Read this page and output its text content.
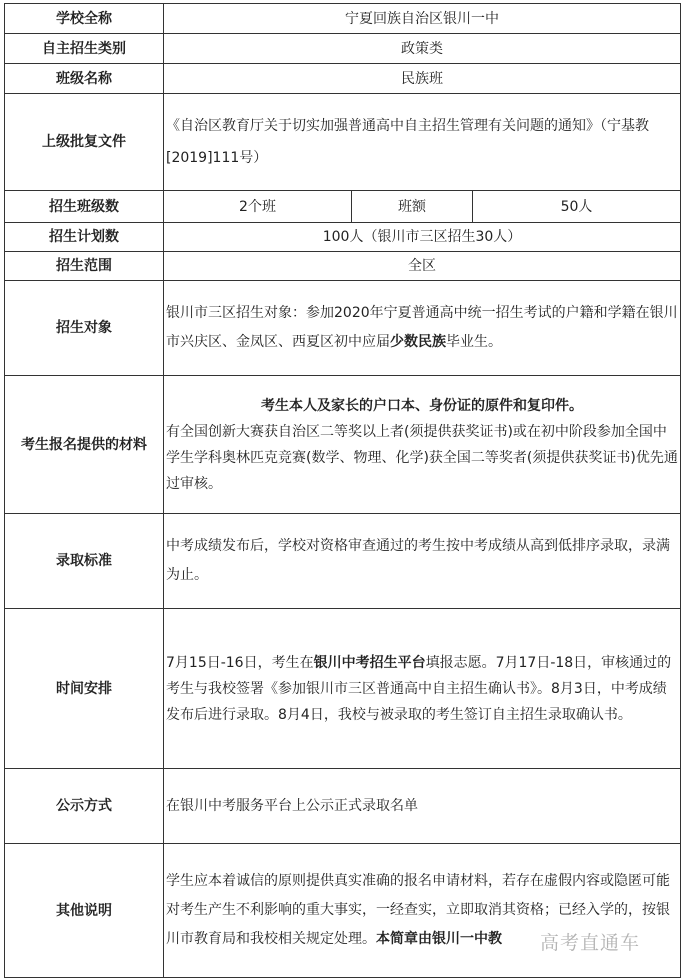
学校全称	宁夏回族自治区银川一中		
自主招生类别	政策类		
班级名称	民族班		
上级批复文件	《自治区教育厅关于切实加强普通高中自主招生管理有关问题的通知》（宁基教[2019]111号）		
招生班级数	2个班	班额	50人
招生计划数	100人（银川市三区招生30人）		
招生范围	全区		
招生对象	银川市三区招生对象：参加2020年宁夏普通高中统一招生考试的户籍和学籍在银川市兴庆区、金凤区、西夏区初中应届少数民族毕业生。		
考生报名提供的材料	考生本人及家长的户口本、身份证的原件和复印件。
有全国创新大赛获自治区二等奖以上者(须提供获奖证书)或在初中阶段参加全国中学生学科奥林匹克竞赛(数学、物理、化学)获全国二等奖者(须提供获奖证书)优先通过审核。		
录取标准	中考成绩发布后，学校对资格审查通过的考生按中考成绩从高到低排序录取，录满为止。		
时间安排	7月15日-16日，考生在银川中考招生平台填报志愿。7月17日-18日，审核通过的考生与我校签署《参加银川市三区普通高中自主招生确认书》。8月3日，中考成绩发布后进行录取。8月4日，我校与被录取的考生签订自主招生录取确认书。		
公示方式	在银川中考服务平台上公示正式录取名单		
其他说明	学生应本着诚信的原则提供真实准确的报名申请材料，若存在虚假内容或隐匿可能对考生产生不利影响的重大事实，一经查实，立即取消其资格；已经入学的，按银川市教育局和我校相关规定处理。本简章由银川一中教		高考直通车
